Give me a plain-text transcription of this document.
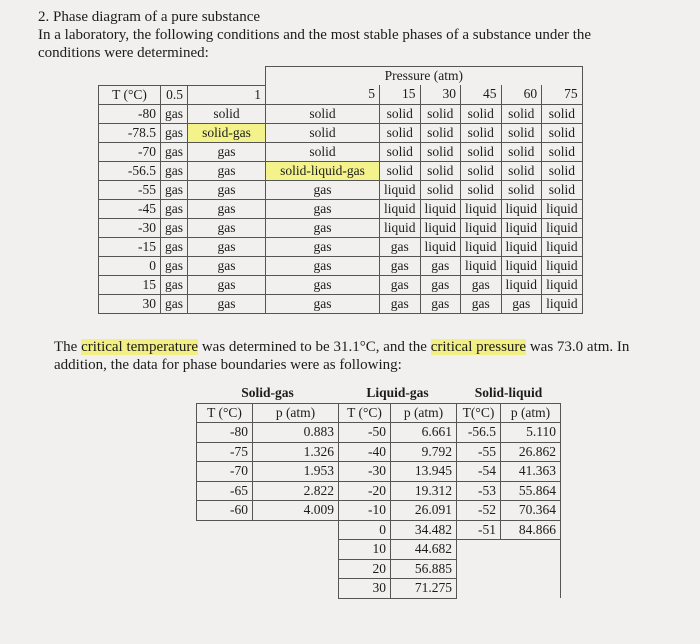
2. Phase diagram of a pure substance
In a laboratory, the following conditions and the most stable phases of a substance under the
conditions were determined:
			Pressure (atm)					
T (°C)	0.5	1	5	15	30	45	60	75
-80	gas	solid	solid	solid	solid	solid	solid	solid
-78.5	gas	solid-gas	solid	solid	solid	solid	solid	solid
-70	gas	gas	solid	solid	solid	solid	solid	solid
-56.5	gas	gas	solid-liquid-gas	solid	solid	solid	solid	solid
-55	gas	gas	gas	liquid	solid	solid	solid	solid
-45	gas	gas	gas	liquid	liquid	liquid	liquid	liquid
-30	gas	gas	gas	liquid	liquid	liquid	liquid	liquid
-15	gas	gas	gas	gas	liquid	liquid	liquid	liquid
0	gas	gas	gas	gas	gas	liquid	liquid	liquid
15	gas	gas	gas	gas	gas	gas	liquid	liquid
30	gas	gas	gas	gas	gas	gas	gas	liquid
The critical temperature was determined to be 31.1°C, and the critical pressure was 73.0 atm. In
addition, the data for phase boundaries were as following:
Solid-gas		Liquid-gas		Solid-liquid	
T (°C)	p (atm)	T (°C)	p (atm)	T(°C)	p (atm)
-80	0.883	-50	6.661	-56.5	5.110
-75	1.326	-40	9.792	-55	26.862
-70	1.953	-30	13.945	-54	41.363
-65	2.822	-20	19.312	-53	55.864
-60	4.009	-10	26.091	-52	70.364
		0	34.482	-51	84.866
		10	44.682		
		20	56.885		
		30	71.275		
